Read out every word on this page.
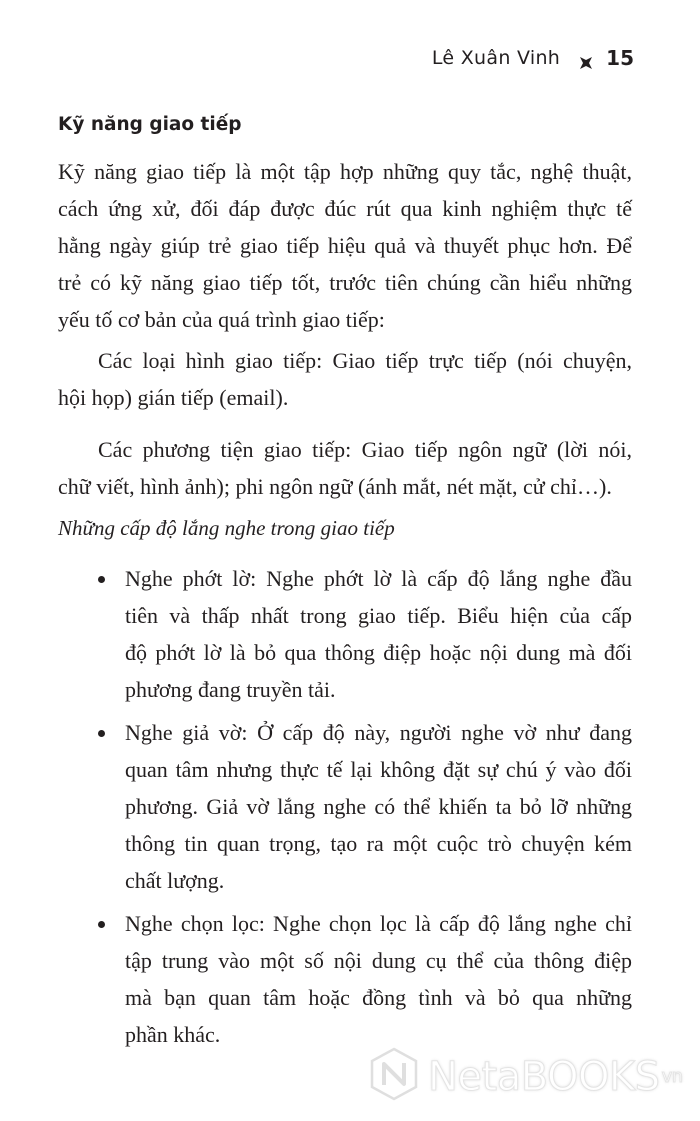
Lê Xuân Vinh 15
Kỹ năng giao tiếp
Kỹ năng giao tiếp là một tập hợp những quy tắc, nghệ thuật,
cách ứng xử, đối đáp được đúc rút qua kinh nghiệm thực tế
hằng ngày giúp trẻ giao tiếp hiệu quả và thuyết phục hơn. Để
trẻ có kỹ năng giao tiếp tốt, trước tiên chúng cần hiểu những
yếu tố cơ bản của quá trình giao tiếp:
Các loại hình giao tiếp: Giao tiếp trực tiếp (nói chuyện,
hội họp) gián tiếp (email).
Các phương tiện giao tiếp: Giao tiếp ngôn ngữ (lời nói,
chữ viết, hình ảnh); phi ngôn ngữ (ánh mắt, nét mặt, cử chỉ…).
Những cấp độ lắng nghe trong giao tiếp
Nghe phớt lờ: Nghe phớt lờ là cấp độ lắng nghe đầu
tiên và thấp nhất trong giao tiếp. Biểu hiện của cấp
độ phớt lờ là bỏ qua thông điệp hoặc nội dung mà đối
phương đang truyền tải.
Nghe giả vờ: Ở cấp độ này, người nghe vờ như đang
quan tâm nhưng thực tế lại không đặt sự chú ý vào đối
phương. Giả vờ lắng nghe có thể khiến ta bỏ lỡ những
thông tin quan trọng, tạo ra một cuộc trò chuyện kém
chất lượng.
Nghe chọn lọc: Nghe chọn lọc là cấp độ lắng nghe chỉ
tập trung vào một số nội dung cụ thể của thông điệp
mà bạn quan tâm hoặc đồng tình và bỏ qua những
phần khác.
NetaBOOKS vn
